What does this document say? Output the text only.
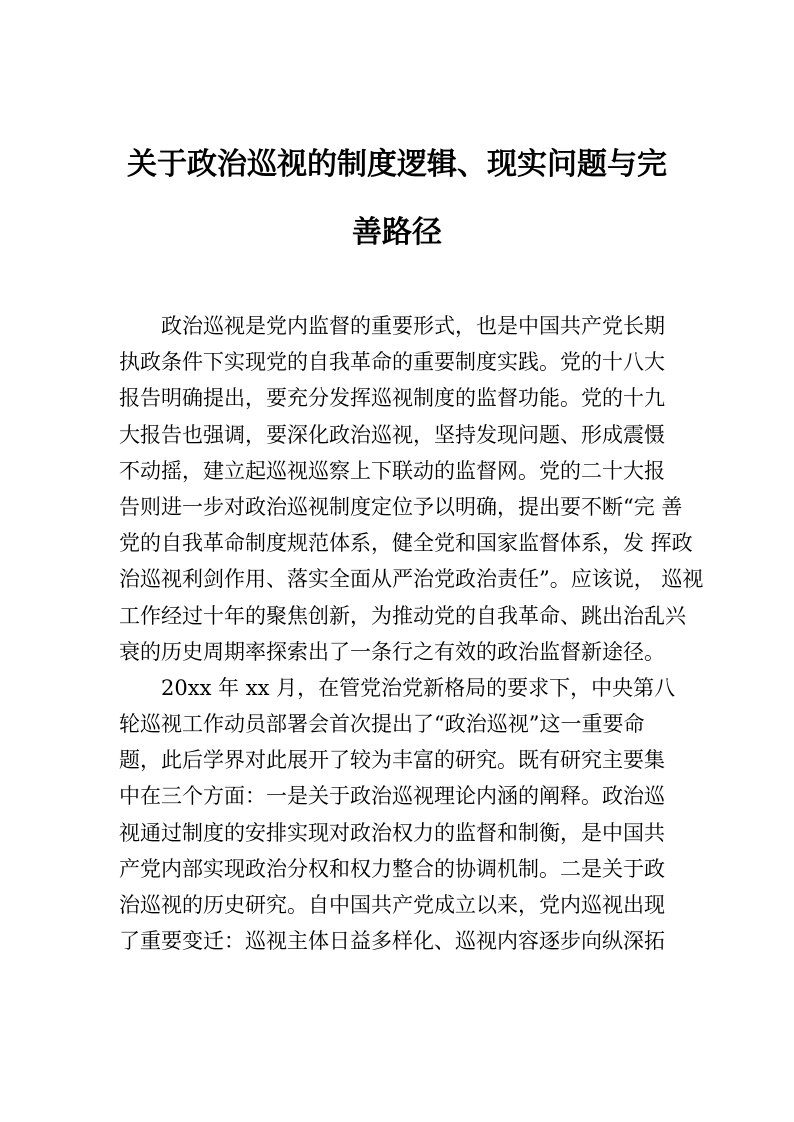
关于政治巡视的制度逻辑、现实问题与完
善路径
政治巡视是党内监督的重要形式，也是中国共产党长期
执政条件下实现党的自我革命的重要制度实践。党的十八大
报告明确提出，要充分发挥巡视制度的监督功能。党的十九
大报告也强调，要深化政治巡视，坚持发现问题、形成震慑
不动摇，建立起巡视巡察上下联动的监督网。党的二十大报
告则进一步对政治巡视制度定位予以明确，提出要不断“完 善
党的自我革命制度规范体系，健全党和国家监督体系，发 挥政
治巡视利剑作用、落实全面从严治党政治责任”。应该说， 巡视
工作经过十年的聚焦创新，为推动党的自我革命、跳出治乱兴
衰的历史周期率探索出了一条行之有效的政治监督新途径。
20xx 年 xx 月，在管党治党新格局的要求下，中央第八
轮巡视工作动员部署会首次提出了“政治巡视”这一重要命
题，此后学界对此展开了较为丰富的研究。既有研究主要集
中在三个方面：一是关于政治巡视理论内涵的阐释。政治巡
视通过制度的安排实现对政治权力的监督和制衡，是中国共
产党内部实现政治分权和权力整合的协调机制。二是关于政
治巡视的历史研究。自中国共产党成立以来，党内巡视出现
了重要变迁：巡视主体日益多样化、巡视内容逐步向纵深拓
